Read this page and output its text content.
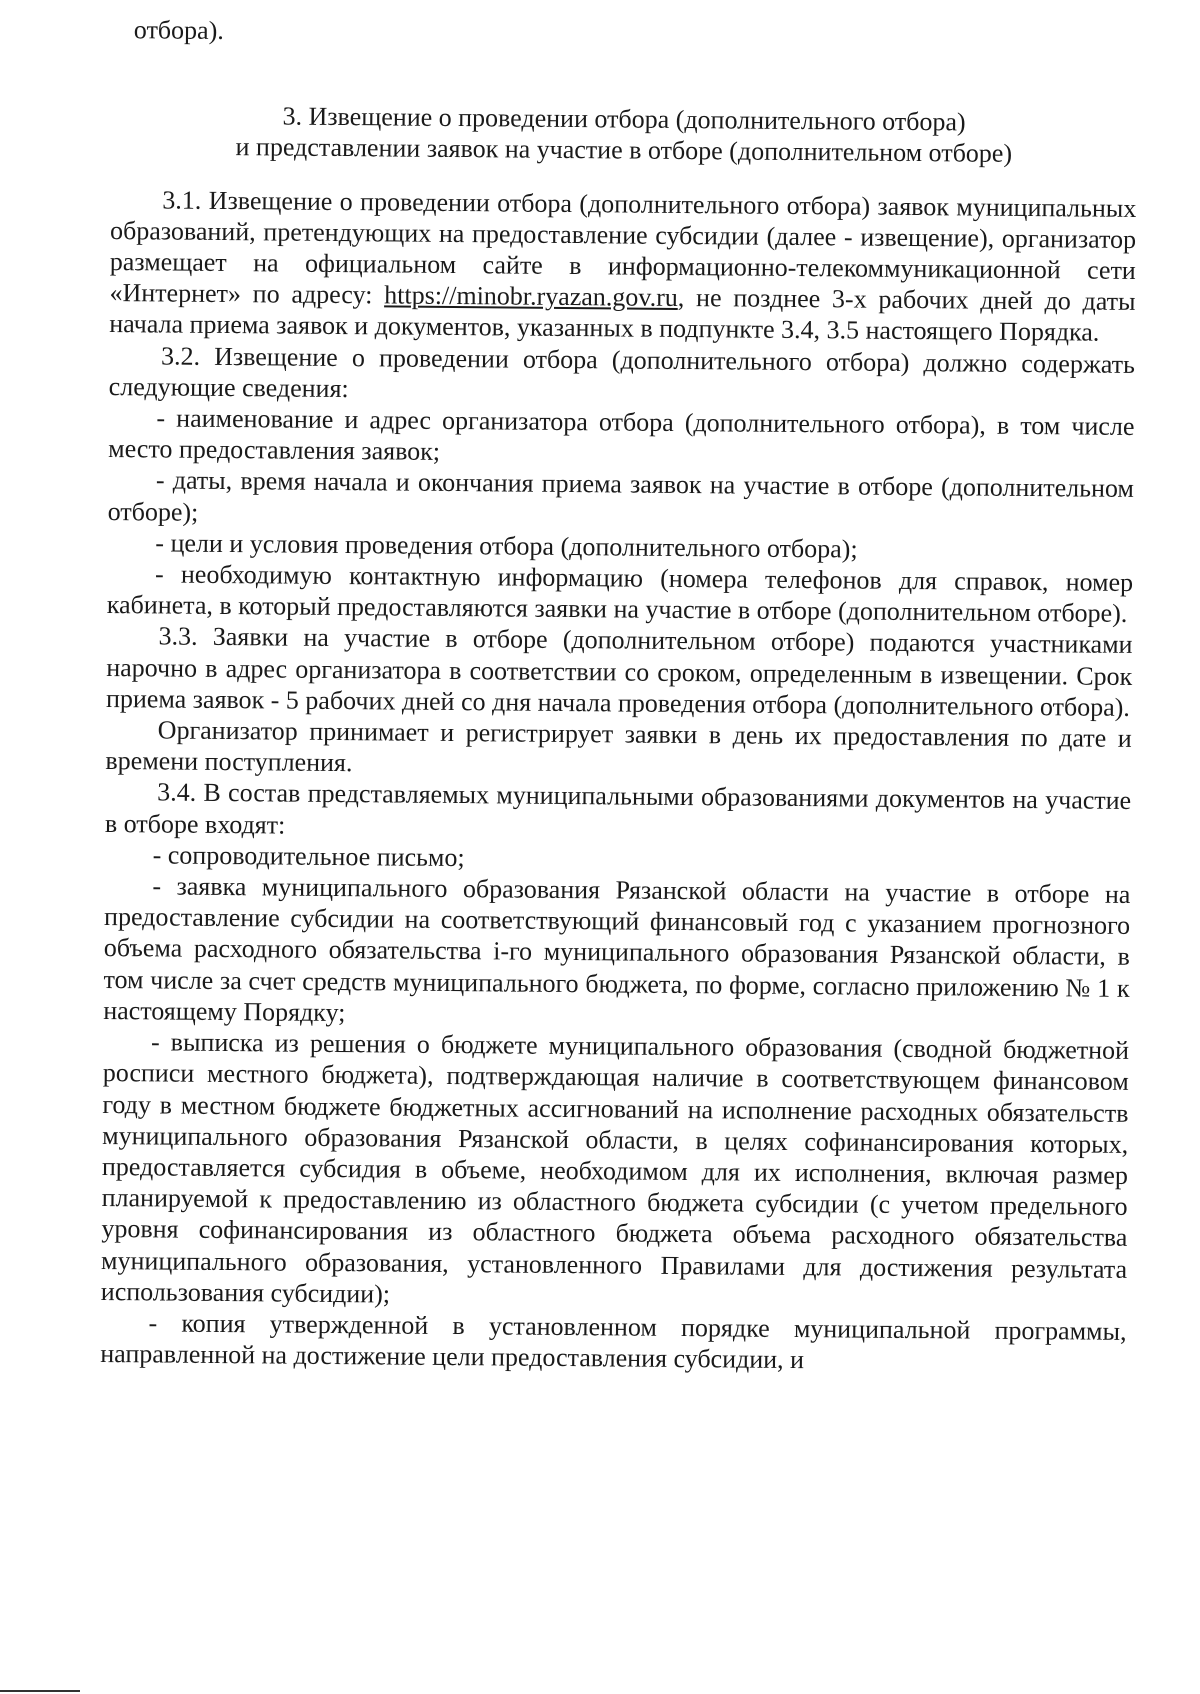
отбора).

3. Извещение о проведении отбора (дополнительного отбора)
и представлении заявок на участие в отборе (дополнительном отборе)

3.1. Извещение о проведении отбора (дополнительного отбора) заявок муниципальных образований, претендующих на предоставление субсидии (далее - извещение), организатор размещает на официальном сайте в информационно-телекоммуникационной сети «Интернет» по адресу: https://minobr.ryazan.gov.ru, не позднее 3-х рабочих дней до даты начала приема заявок и документов, указанных в подпункте 3.4, 3.5 настоящего Порядка.

3.2. Извещение о проведении отбора (дополнительного отбора) должно содержать следующие сведения:

- наименование и адрес организатора отбора (дополнительного отбора), в том числе место предоставления заявок;

- даты, время начала и окончания приема заявок на участие в отборе (дополнительном отборе);

- цели и условия проведения отбора (дополнительного отбора);

- необходимую контактную информацию (номера телефонов для справок, номер кабинета, в который предоставляются заявки на участие в отборе (дополнительном отборе).

3.3. Заявки на участие в отборе (дополнительном отборе) подаются участниками нарочно в адрес организатора в соответствии со сроком, определенным в извещении. Срок приема заявок - 5 рабочих дней со дня начала проведения отбора (дополнительного отбора).

Организатор принимает и регистрирует заявки в день их предоставления по дате и времени поступления.

3.4. В состав представляемых муниципальными образованиями документов на участие в отборе входят:

- сопроводительное письмо;

- заявка муниципального образования Рязанской области на участие в отборе на предоставление субсидии на соответствующий финансовый год с указанием прогнозного объема расходного обязательства i-го муниципального образования Рязанской области, в том числе за счет средств муниципального бюджета, по форме, согласно приложению № 1 к настоящему Порядку;

- выписка из решения о бюджете муниципального образования (сводной бюджетной росписи местного бюджета), подтверждающая наличие в соответствующем финансовом году в местном бюджете бюджетных ассигнований на исполнение расходных обязательств муниципального образования Рязанской области, в целях софинансирования которых, предоставляется субсидия в объеме, необходимом для их исполнения, включая размер планируемой к предоставлению из областного бюджета субсидии (с учетом предельного уровня софинансирования из областного бюджета объема расходного обязательства муниципального образования, установленного Правилами для достижения результата использования субсидии);

- копия утвержденной в установленном порядке муниципальной программы, направленной на достижение цели предоставления субсидии, и
